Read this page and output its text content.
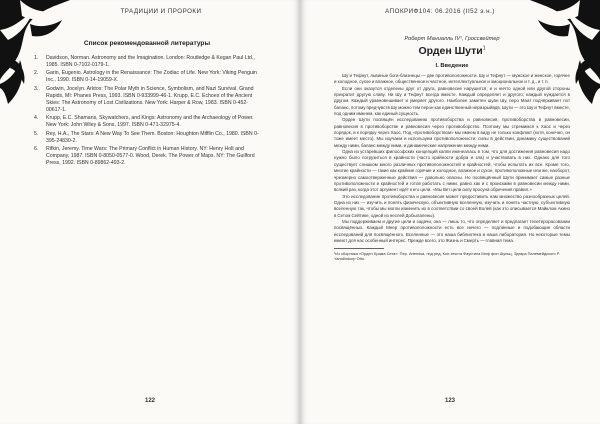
ТРАДИЦИИ И ПРОРОКИ
Список рекомендованной литературы
1. Davidson, Norman. Astronomy and the Imagination. London: Routledge & Kegan Paul Ltd., 1985. ISBN 0-7102-0179-1.
2. Garin, Eugenio. Astrology in the Renaissance: The Zodiac of Life. New York: Viking Penguin Inc., 1990. ISBN 0-14-19059-X.
3. Godwin, Jocelyn. Arktos: The Polar Myth in Science, Symbolism, and Nazi Survival. Grand Rapids, MI: Phanes Press, 1993. ISBN 0-933999-46-1. Krupp, E.C. Echoes of the Ancient Skies: The Astronomy of Lost Civilizations. New York: Harper & Row, 1983. ISBN 0-452-00617-1.
4. Krupp, E.C. Shamans, Skywatchers, and Kings: Astronomy and the Archaeology of Power. New York: John Wiley & Sons, 1997. ISBN 0-471-32975-4.
5. Rey, H.A., The Stars: A New Way To See Them. Boston: Houghton Mifflin Co., 1980. ISBN 0-395-24830-2.
6. Rifkin, Jeremy. Time Wars: The Primary Conflict in Human History. NY: Henry Holt and Company, 1987. ISBN 0-8050-0577-0. Wood, Derek. The Power of Maps. NY: The Guilford Press, 1992. ISBN 0-89862-493-2.
122
АПОКРИФ104: 06.2016 (II52 э.н.)
Роберт Маниалль IV¹, Гроссвейтер
Орден Шути$^1$
I. Введение

Шу и Тефнут, львиные боги-близнецы — две противоположности. Шу и Тефнут — мужское и женское, горячее и холодное, сухое и влажное, общественное и частное, интеллектуальное и эмоциональное и т. д., и т. п.

Если они оказутся отделены друг от друга, равновесие нарушится, и и ничто одной или другой стороны прекратит другую славу. Ни Шу и Тефнут всегда вместе. Каждый определяет и другого; каждый нуждается в другом. Каждый уравновешивает и умеряет другого. Наиболее заметен шуан Шу, перо Маат подчёркивает пот баланс, потому предчувств Шу можно тем перон как единственный неразрыйвдв. Шути — это Шу и Тефнут вместе, под одним именем, как единый сущность.

Орден Шути посвящён исследованию противоборства и равновесия, противоборства в равновесии, равновесия в противоборстве и равновесия через противоборство. Поэтому мы стремимся к Хаос и через порядок, и к порядку через Хаос. Под «противоборством» мы имеем в виду не только конфликт (хотя, конечно, он тоже имеет место). Мы изучаем и используем противоположности: силы в действии, динамику существований между ними, баланс между ними, и динамические напряжение между ними.

Одна из устаревших философских концепций каппи иначеалась в том, что для достижения равновесия надо нужно было погрузиться в крайности (часто крайности добра и зла) и участвовать в них. Однако для того существует слишком много различных противоположностей и крайностей, чтобы испытать их все. Кроме того, многие крайности — такие как крайние горячие и холодное, влажное и сухое, противоположные или же, наоборот, чрезмерно самоотверженные действия — довольно опасны. Но посвящённый Шути принимает самые разные противоположности и крайностей и готов работать с ними, равно как и с происками в равновесии между ними, всякий раз, когда этот аргумент идёт к его цели. «Мы Вет цели силу просуна обречения правил.»

Это исследование противоборства и равновесия может предоставить нам множество разнообразных целей. Одна из них — изучить и понять физическую, объективную вселенную, изучить и понять частную, субъективную вселенную так, чтобы мы могли изменить их в соответствии со своей Волей (как это описывается Майклом Акино в Сетом Сейтике, одной из неслей Добылалены).

Мы поддерживаем и другие цели и задачи, она — лишь то, что определяет и предлагает телетерорасовании посвящённых. Каждый Мнер противоположности есть все ничего — подлинные и подобающие области исследований для посвящённого. Вселенные — это наша библиотека и наша лаборатория. Но некоторые темы имеют для нас особенный интерес. Прежде всего, это Жизнь и Смерть — главная тема.

¹Из сборника «Орден Храма Сета». Пер. Artemisa, под ред. Кон-текста Фаустинa Мнф фон Шульц, Эдгара Палемейдского Р. Yarodlinkorp Otto.
123
